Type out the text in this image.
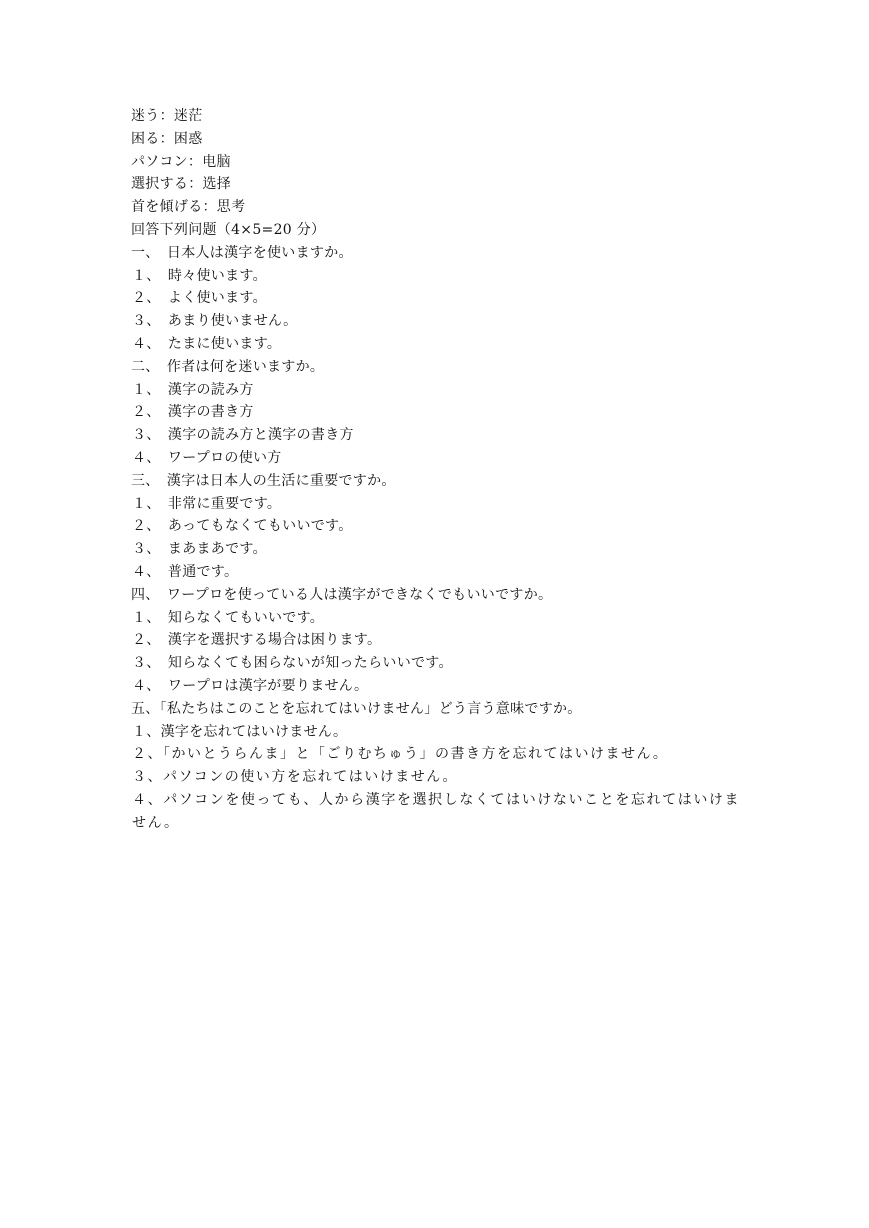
迷う：迷茫
困る：困惑
パソコン：电脑
選択する：选择
首を傾げる：思考
回答下列问题（4×5=20 分）
一、　日本人は漢字を使いますか。
１、　時々使います。
２、　よく使います。
３、　あまり使いません。
４、　たまに使います。
二、　作者は何を迷いますか。
１、　漢字の読み方
２、　漢字の書き方
３、　漢字の読み方と漢字の書き方
４、　ワープロの使い方
三、　漢字は日本人の生活に重要ですか。
１、　非常に重要です。
２、　あってもなくてもいいです。
３、　まあまあです。
４、　普通です。
四、　ワープロを使っている人は漢字ができなくでもいいですか。
１、　知らなくてもいいです。
２、　漢字を選択する場合は困ります。
３、　知らなくても困らないが知ったらいいです。
４、　ワープロは漢字が要りません。
五、「私たちはこのことを忘れてはいけません」どう言う意味ですか。
１、漢字を忘れてはいけません。
２、「かいとうらんま」と「ごりむちゅう」の書き方を忘れてはいけません。
３、パソコンの使い方を忘れてはいけません。
４、パソコンを使っても、人から漢字を選択しなくてはいけないことを忘れてはいけません。
